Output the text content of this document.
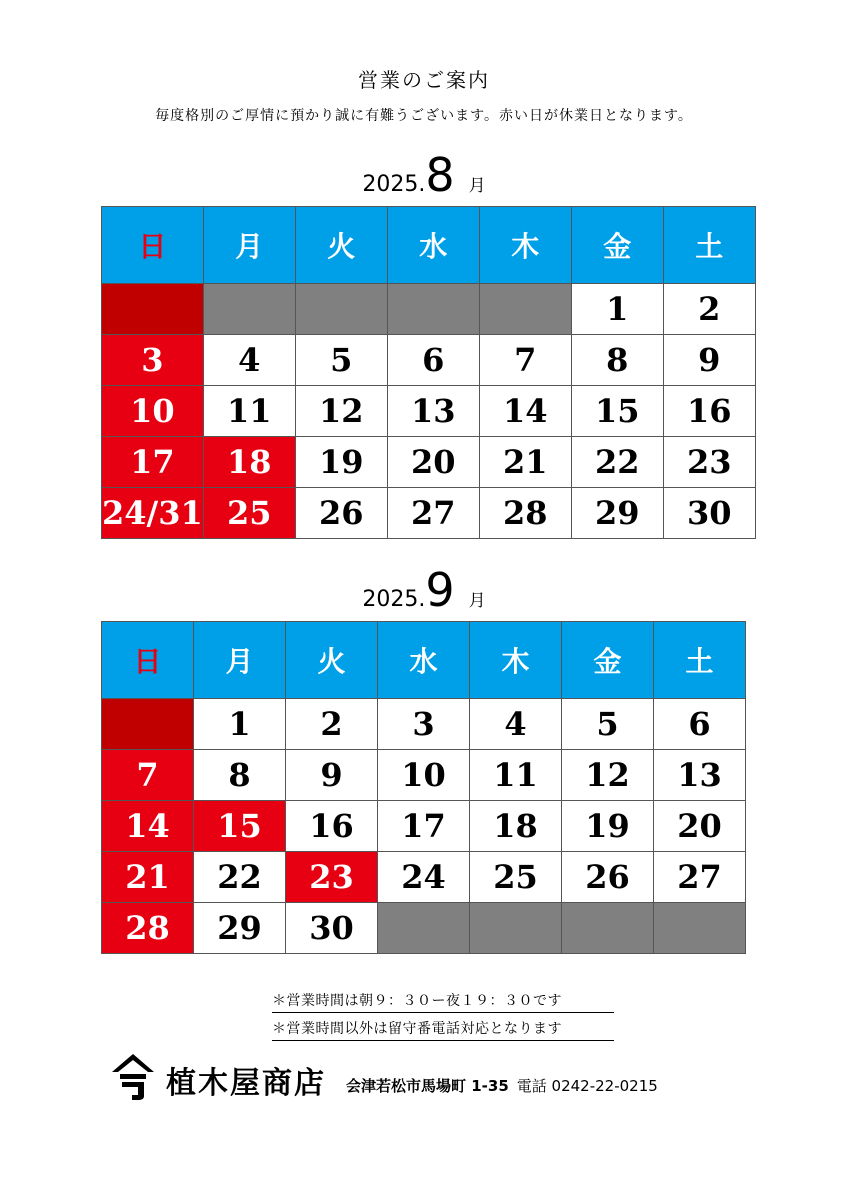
営業のご案内
毎度格別のご厚情に預かり誠に有難うございます。赤い日が休業日となります。
2025.8 月
日	月	火	水	木	金	土
					1	2
3	4	5	6	7	8	9
10	11	12	13	14	15	16
17	18	19	20	21	22	23
24/31	25	26	27	28	29	30
2025.9 月
日	月	火	水	木	金	土
	1	2	3	4	5	6
7	8	9	10	11	12	13
14	15	16	17	18	19	20
21	22	23	24	25	26	27
28	29	30				
＊営業時間は朝９：３０ー夜１９：３０です
＊営業時間以外は留守番電話対応となります
植木屋商店 会津若松市馬場町 1-35 電話 0242-22-0215
